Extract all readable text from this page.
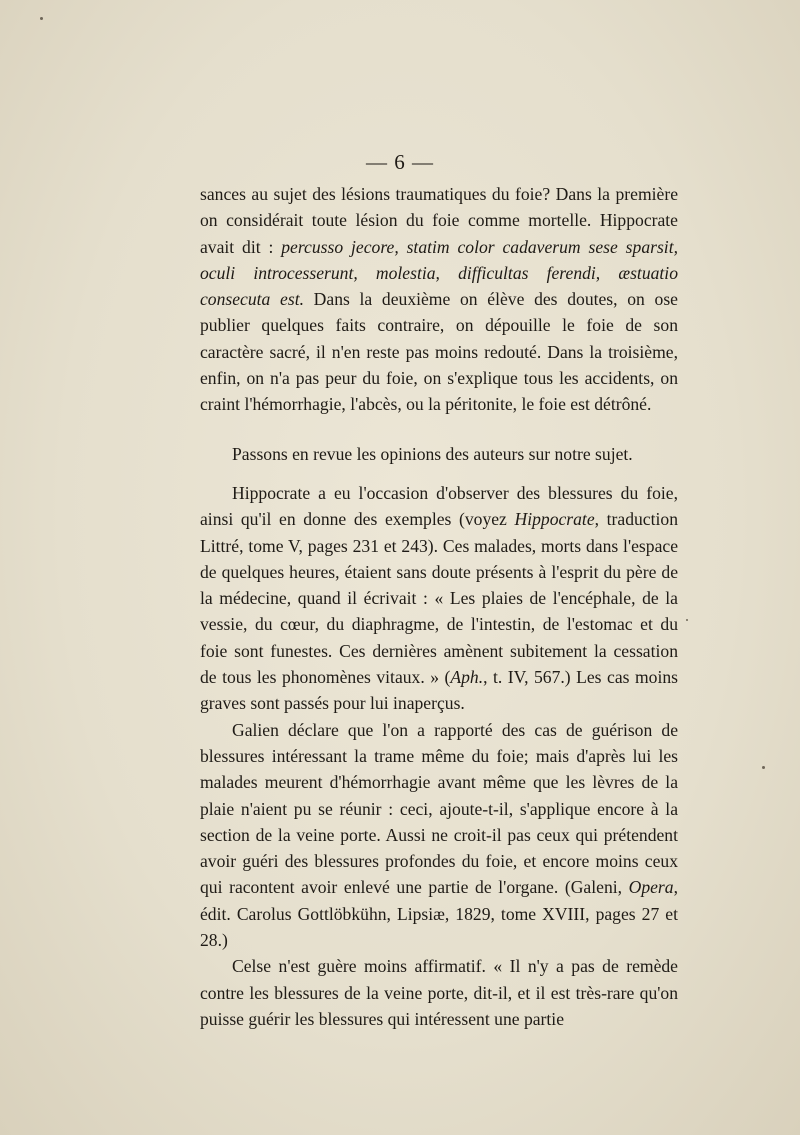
— 6 —

sances au sujet des lésions traumatiques du foie? Dans la première on considérait toute lésion du foie comme mortelle. Hippocrate avait dit : percusso jecore, statim color cadaverum sese sparsit, oculi introcesserunt, molestia, difficultas ferendi, æstuatio consecuta est. Dans la deuxième on élève des doutes, on ose publier quelques faits contraire, on dépouille le foie de son caractère sacré, il n'en reste pas moins redouté. Dans la troisième, enfin, on n'a pas peur du foie, on s'explique tous les accidents, on craint l'hémorrhagie, l'abcès, ou la péritonite, le foie est détrôné.

Passons en revue les opinions des auteurs sur notre sujet.

Hippocrate a eu l'occasion d'observer des blessures du foie, ainsi qu'il en donne des exemples (voyez Hippocrate, traduction Littré, tome V, pages 231 et 243). Ces malades, morts dans l'espace de quelques heures, étaient sans doute présents à l'esprit du père de la médecine, quand il écrivait : « Les plaies de l'encéphale, de la vessie, du cœur, du diaphragme, de l'intestin, de l'estomac et du foie sont funestes. Ces dernières amènent subitement la cessation de tous les phonomènes vitaux. » (Aph., t. IV, 567.) Les cas moins graves sont passés pour lui inaperçus.

Galien déclare que l'on a rapporté des cas de guérison de blessures intéressant la trame même du foie; mais d'après lui les malades meurent d'hémorrhagie avant même que les lèvres de la plaie n'aient pu se réunir : ceci, ajoute-t-il, s'applique encore à la section de la veine porte. Aussi ne croit-il pas ceux qui prétendent avoir guéri des blessures profondes du foie, et encore moins ceux qui racontent avoir enlevé une partie de l'organe. (Galeni, Opera, édit. Carolus Gottlöbkühn, Lipsiæ, 1829, tome XVIII, pages 27 et 28.)

Celse n'est guère moins affirmatif. « Il n'y a pas de remède contre les blessures de la veine porte, dit-il, et il est très-rare qu'on puisse guérir les blessures qui intéressent une partie
